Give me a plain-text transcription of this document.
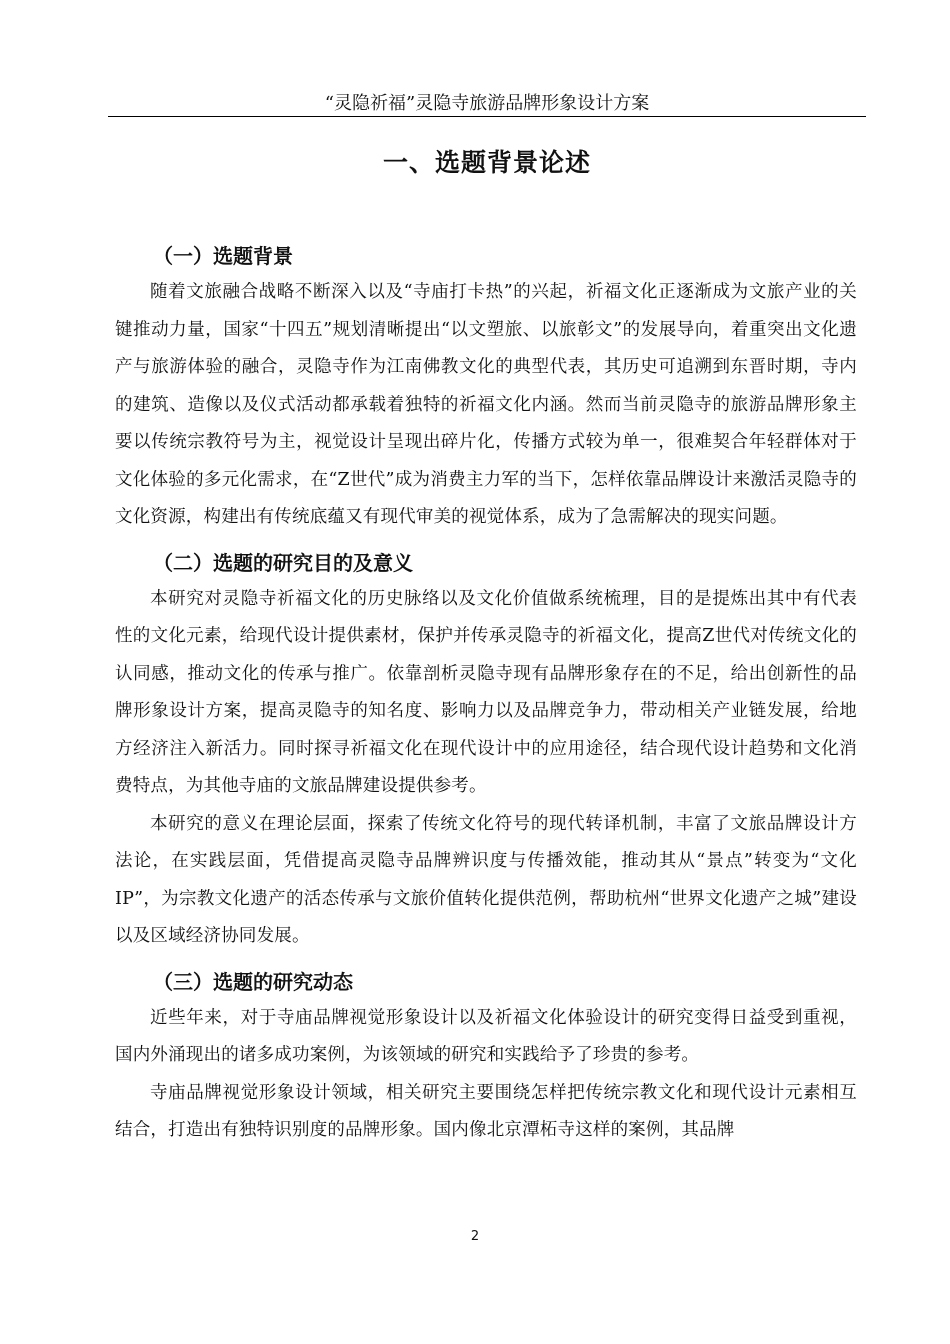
“灵隐祈福”灵隐寺旅游品牌形象设计方案
一、选题背景论述
（一）选题背景

随着文旅融合战略不断深入以及“寺庙打卡热”的兴起，祈福文化正逐渐成为文旅产业的关键推动力量，国家“十四五”规划清晰提出“以文塑旅、以旅彰文”的发展导向，着重突出文化遗产与旅游体验的融合，灵隐寺作为江南佛教文化的典型代表，其历史可追溯到东晋时期，寺内的建筑、造像以及仪式活动都承载着独特的祈福文化内涵。然而当前灵隐寺的旅游品牌形象主要以传统宗教符号为主，视觉设计呈现出碎片化，传播方式较为单一，很难契合年轻群体对于文化体验的多元化需求，在“Z世代”成为消费主力军的当下，怎样依靠品牌设计来激活灵隐寺的文化资源，构建出有传统底蕴又有现代审美的视觉体系，成为了急需解决的现实问题。

（二）选题的研究目的及意义

本研究对灵隐寺祈福文化的历史脉络以及文化价值做系统梳理，目的是提炼出其中有代表性的文化元素，给现代设计提供素材，保护并传承灵隐寺的祈福文化，提高Z世代对传统文化的认同感，推动文化的传承与推广。依靠剖析灵隐寺现有品牌形象存在的不足，给出创新性的品牌形象设计方案，提高灵隐寺的知名度、影响力以及品牌竞争力，带动相关产业链发展，给地方经济注入新活力。同时探寻祈福文化在现代设计中的应用途径，结合现代设计趋势和文化消费特点，为其他寺庙的文旅品牌建设提供参考。

本研究的意义在理论层面，探索了传统文化符号的现代转译机制，丰富了文旅品牌设计方法论，在实践层面，凭借提高灵隐寺品牌辨识度与传播效能，推动其从“景点”转变为“文化IP”，为宗教文化遗产的活态传承与文旅价值转化提供范例，帮助杭州“世界文化遗产之城”建设以及区域经济协同发展。

（三）选题的研究动态

近些年来，对于寺庙品牌视觉形象设计以及祈福文化体验设计的研究变得日益受到重视，国内外涌现出的诸多成功案例，为该领域的研究和实践给予了珍贵的参考。

寺庙品牌视觉形象设计领域，相关研究主要围绕怎样把传统宗教文化和现代设计元素相互结合，打造出有独特识别度的品牌形象。国内像北京潭柘寺这样的案例，其品牌

2
